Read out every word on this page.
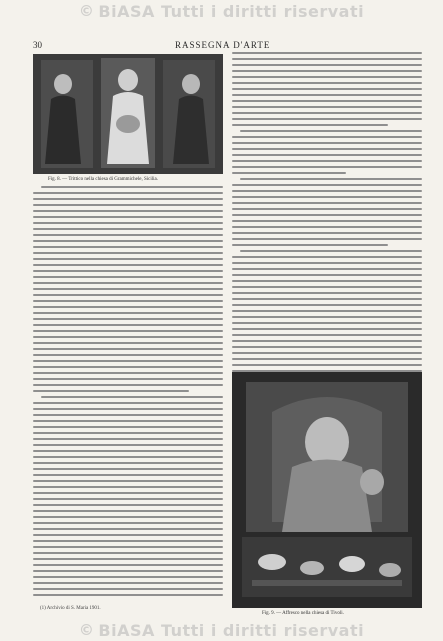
© BiASA Tutti i diritti riservati
30	RASSEGNA D'ARTE
Fig. 8. — Trittico nella chiesa di Grammichele, Sicilia.
(1) Archivio di S. Maria 1901.
Fig. 9. — Affresco nella chiesa di Tivoli.
© BiASA Tutti i diritti riservati
